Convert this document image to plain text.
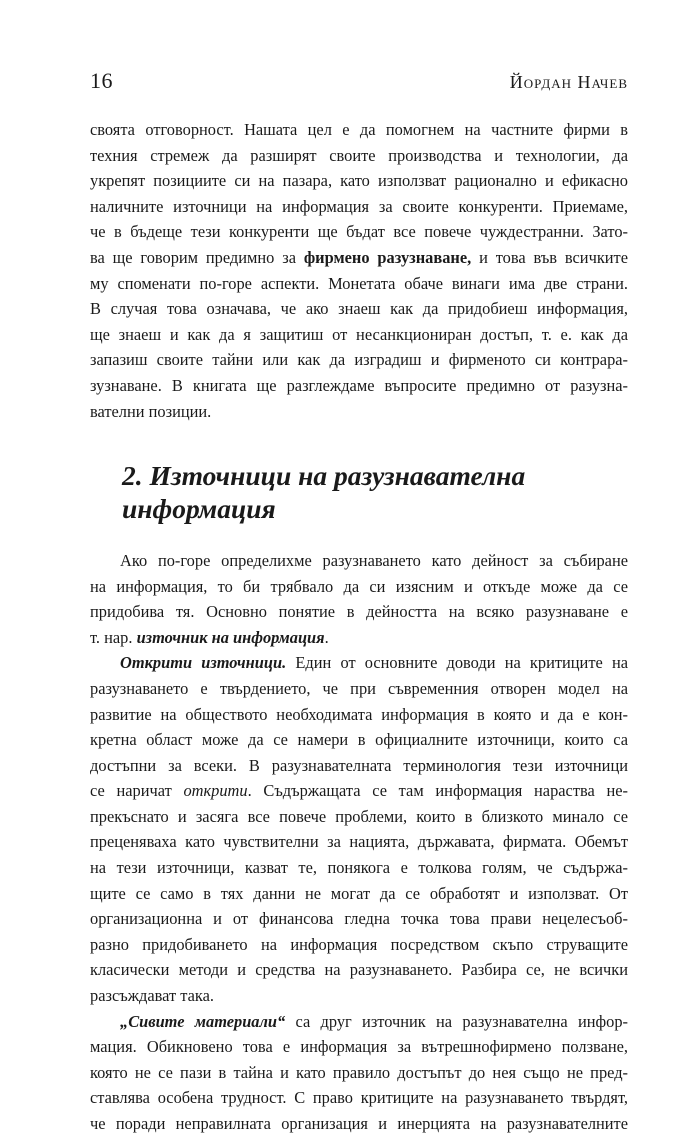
16	Йордан Начев
своята отговорност. Нашата цел е да помогнем на частните фирми в
техния стремеж да разширят своите производства и технологии, да
укрепят позициите си на пазара, като използват рационално и ефикасно
наличните източници на информация за своите конкуренти. Приемаме,
че в бъдеще тези конкуренти ще бъдат все повече чуждестранни. Зато-
ва ще говорим предимно за фирмено разузнаване, и това във всичките
му споменати по-горе аспекти. Монетата обаче винаги има две страни.
В случая това означава, че ако знаеш как да придобиеш информация,
ще знаеш и как да я защитиш от несанкциониран достъп, т. е. как да
запазиш своите тайни или как да изградиш и фирменото си контрара-
зузнаване. В книгата ще разглеждаме въпросите предимно от разузна-
вателни позиции.
2. Източници на разузнавателна
информация
Ако по-горе определихме разузнаването като дейност за събиране
на информация, то би трябвало да си изясним и откъде може да се
придобива тя. Основно понятие в дейността на всяко разузнаване е
т. нар. източник на информация.
Открити източници. Един от основните доводи на критиците на
разузнаването е твърдението, че при съвременния отворен модел на
развитие на обществото необходимата информация в която и да е кон-
кретна област може да се намери в официалните източници, които са
достъпни за всеки. В разузнавателната терминология тези източници
се наричат открити. Съдържащата се там информация нараства не-
прекъснато и засяга все повече проблеми, които в близкото минало се
преценяваха като чувствителни за нацията, държавата, фирмата. Обемът
на тези източници, казват те, понякога е толкова голям, че съдържа-
щите се само в тях данни не могат да се обработят и използват. От
организационна и от финансова гледна точка това прави нецелесъоб-
разно придобиването на информация посредством скъпо струващите
класически методи и средства на разузнаването. Разбира се, не всички
разсъждават така.
„Сивите материали“ са друг източник на разузнавателна инфор-
мация. Обикновено това е информация за вътрешнофирмено ползване,
която не се пази в тайна и като правило достъпът до нея също не пред-
ставлява особена трудност. С право критиците на разузнаването твърдят,
че поради неправилната организация и инерцията на разузнавателните
